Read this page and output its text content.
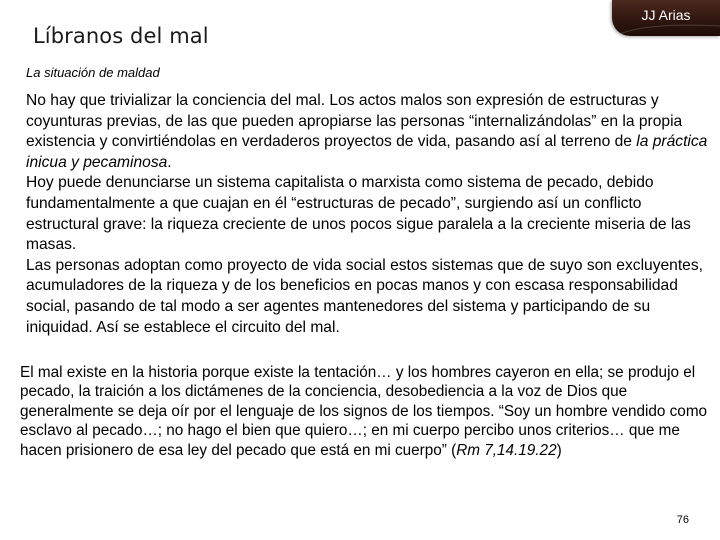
Líbranos del mal
JJ Arias
La situación de maldad

No hay que trivializar la conciencia del mal. Los actos malos son expresión de estructuras y coyunturas previas, de las que pueden apropiarse las personas “internalizándolas” en la propia existencia y convirtiéndolas en verdaderos proyectos de vida, pasando así al terreno de la práctica inicua y pecaminosa.

Hoy puede denunciarse un sistema capitalista o marxista como sistema de pecado, debido fundamentalmente a que cuajan en él “estructuras de pecado”, surgiendo así un conflicto estructural grave: la riqueza creciente de unos pocos sigue paralela a la creciente miseria de las masas.

Las personas adoptan como proyecto de vida social estos sistemas que de suyo son excluyentes, acumuladores de la riqueza y de los beneficios en pocas manos y con escasa responsabilidad social, pasando de tal modo a ser agentes mantenedores del sistema y participando de su iniquidad. Así se establece el circuito del mal.

El mal existe en la historia porque existe la tentación… y los hombres cayeron en ella; se produjo el pecado, la traición a los dictámenes de la conciencia, desobediencia a la voz de Dios que generalmente se deja oír por el lenguaje de los signos de los tiempos. “Soy un hombre vendido como esclavo al pecado…; no hago el bien que quiero…; en mi cuerpo percibo unos criterios… que me hacen prisionero de esa ley del pecado que está en mi cuerpo” (Rm 7,14.19.22)

76
